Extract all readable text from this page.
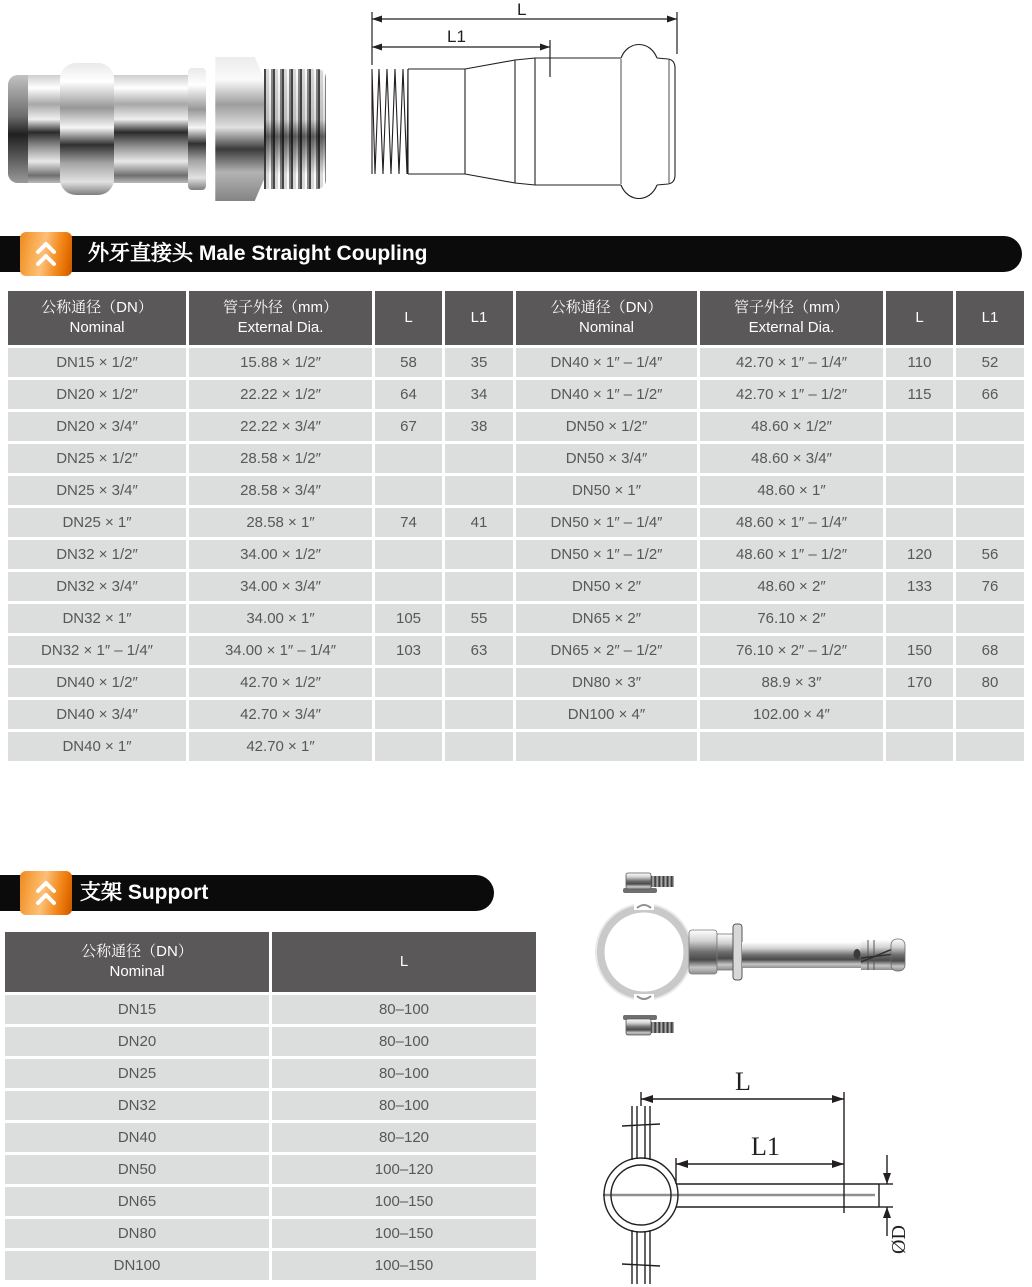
L
L1
外牙直接头 Male Straight Coupling
公称通径（DN）
Nominal

管子外径（mm）
External Dia.

L	L1

公称通径（DN）
Nominal

管子外径（mm）
External Dia.

L	L1

DN15 × 1/2″	15.88 × 1/2″	58	35	DN40 × 1″ – 1/4″	42.70 × 1″ – 1/4″	110	52
DN20 × 1/2″	22.22 × 1/2″	64	34	DN40 × 1″ – 1/2″	42.70 × 1″ – 1/2″	115	66
DN20 × 3/4″	22.22 × 3/4″	67	38	DN50 × 1/2″	48.60 × 1/2″		
DN25 × 1/2″	28.58 × 1/2″			DN50 × 3/4″	48.60 × 3/4″		
DN25 × 3/4″	28.58 × 3/4″			DN50 × 1″	48.60 × 1″		
DN25 × 1″	28.58 × 1″	74	41	DN50 × 1″ – 1/4″	48.60 × 1″ – 1/4″		
DN32 × 1/2″	34.00 × 1/2″			DN50 × 1″ – 1/2″	48.60 × 1″ – 1/2″	120	56
DN32 × 3/4″	34.00 × 3/4″			DN50 × 2″	48.60 × 2″	133	76
DN32 × 1″	34.00 × 1″	105	55	DN65 × 2″	76.10 × 2″		
DN32 × 1″ – 1/4″	34.00 × 1″ – 1/4″	103	63	DN65 × 2″ – 1/2″	76.10 × 2″ – 1/2″	150	68
DN40 × 1/2″	42.70 × 1/2″			DN80 × 3″	88.9 × 3″	170	80
DN40 × 3/4″	42.70 × 3/4″			DN100 × 4″	102.00 × 4″		
DN40 × 1″	42.70 × 1″						
支架 Support
公称通径（DN）
Nominal	L

DN15	80–100
DN20	80–100
DN25	80–100
DN32	80–100
DN40	80–120
DN50	100–120
DN65	100–150
DN80	100–150
DN100	100–150
L
L1
ØD
